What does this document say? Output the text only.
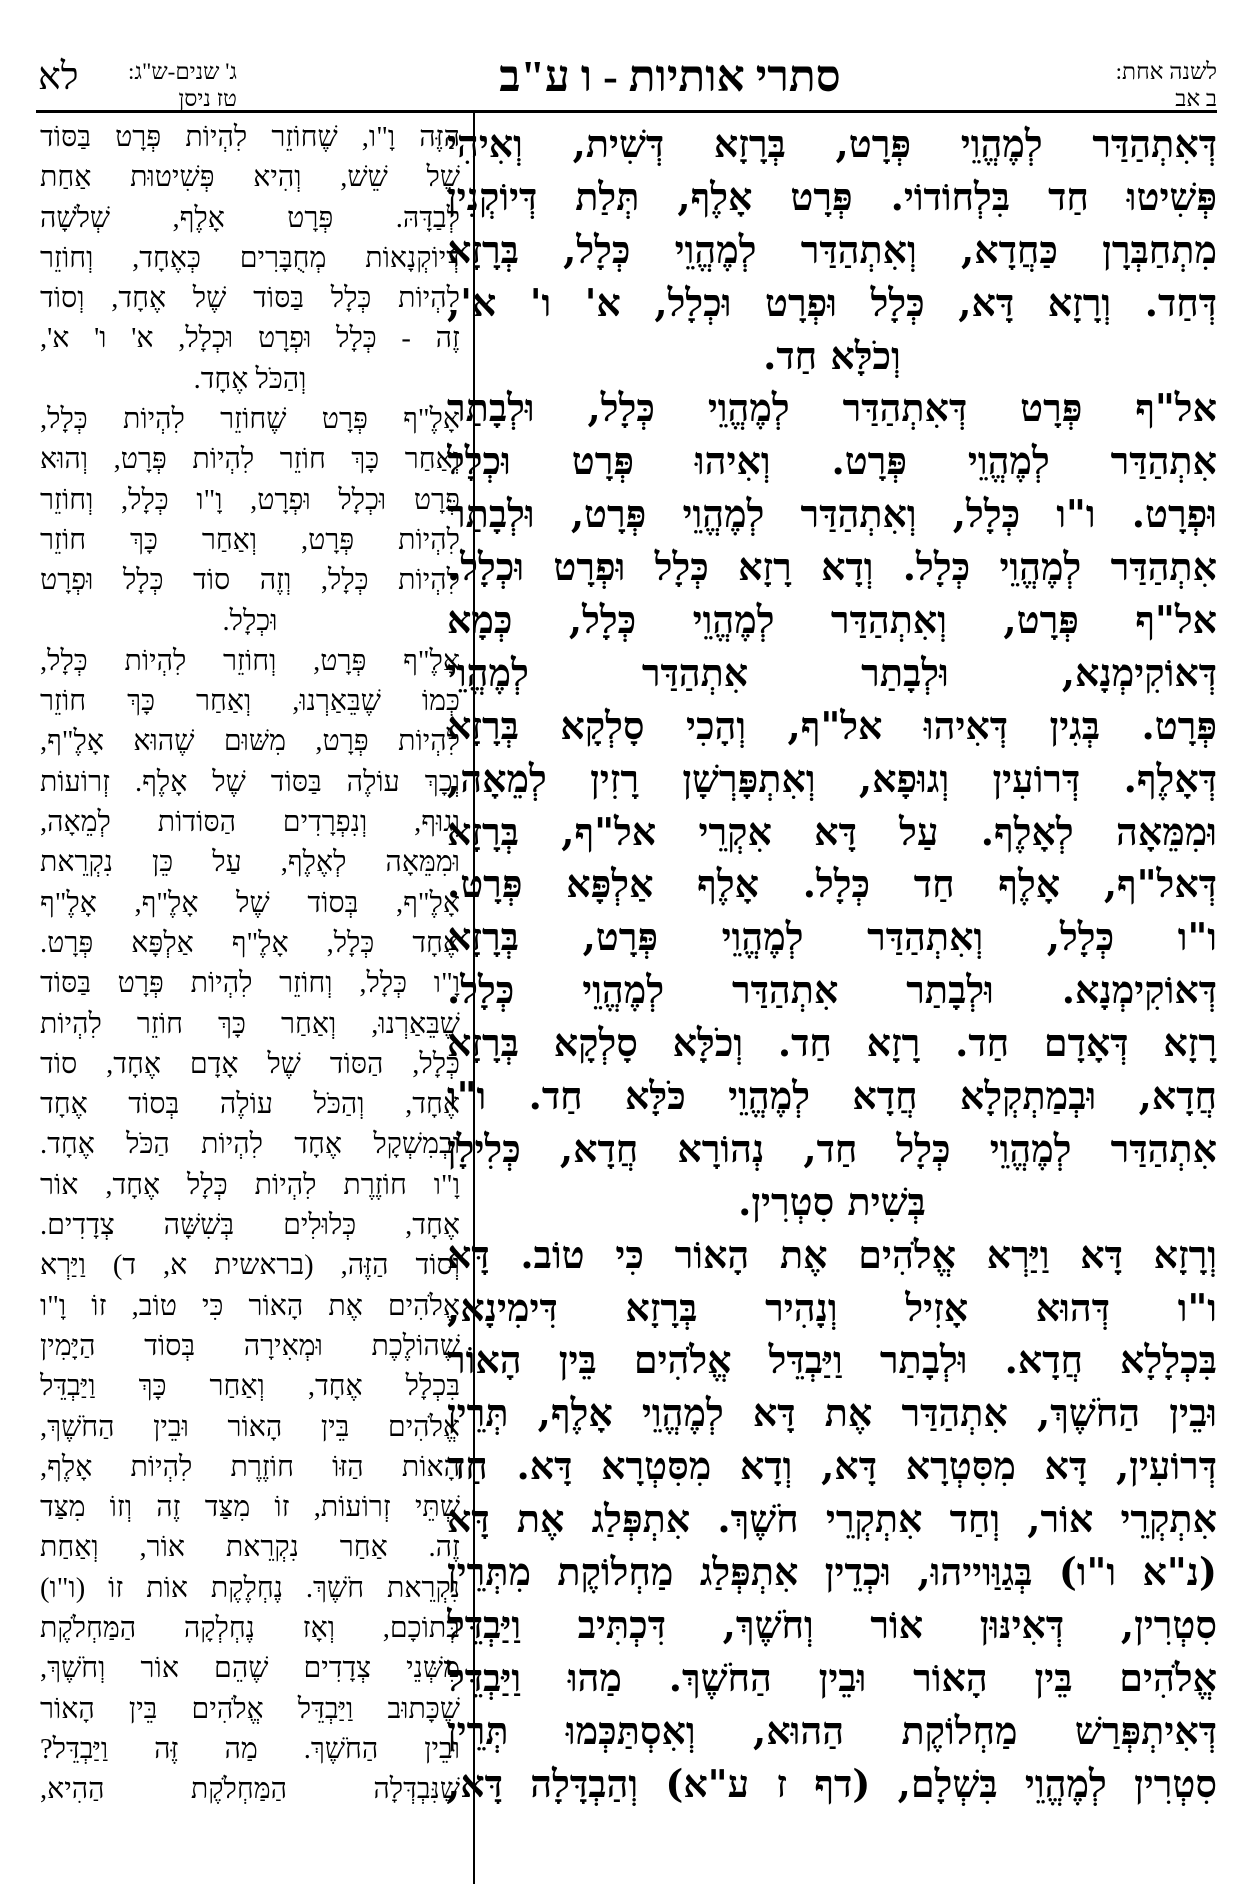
לשנה אחת:
ב אב
סתרי אותיות - ו ע"ב
ג' שנים-ש"ג:
טז ניסן
לא
דְּאִתְהַדַּר לְמֶהֱוֵי פְּרָט, בְּרָזָא דְּשִׁית, וְאִיהִי
פְּשִׁיטוּ חַד בִּלְחוֹדוֹי. פְּרָט אָלֶף, תְּלַת דְּיוֹקְנִין
מִתְחַבְּרָן כַּחֲדָא, וְאִתְהַדַּר לְמֶהֱוֵי כְּלָל, בְּרָזָא
דְּחַד. וְרָזָא דָּא, כְּלָל וּפְרָט וּכְלָל, א' ו' א',
וְכֹלָּא חַד.
אל"ף פְּרָט דְּאִתְהַדַּר לְמֶהֱוֵי כְּלָל, וּלְבָתַר
אִתְהַדַּר לְמֶהֱוֵי פְּרָט. וְאִיהוּ פְּרָט וּכְלָל
וּפְרָט. ו"ו כְּלָל, וְאִתְהַדַּר לְמֶהֱוֵי פְּרָט, וּלְבָתַר
אִתְהַדַּר לְמֶהֱוֵי כְּלָל. וְדָא רָזָא כְּלָל וּפְרָט וּכְלָל.
אל"ף פְּרָט, וְאִתְהַדַּר לְמֶהֱוֵי כְּלָל, כְּמָא
דְּאוֹקִימְנָא, וּלְבָתַר אִתְהַדַּר לְמֶהֱוֵי
פְּרָט. בְּגִין דְּאִיהוּ אל"ף, וְהָכִי סָלְקָא בְּרָזָא
דְּאָלֶף. דְּרוֹעִין וְגוּפָא, וְאִתְפָּרְשָׁן רָזִין לְמֵאָה,
וּמִמֵּאָה לְאָלֶף. עַל דָּא אִקְרֵי אל"ף, בְּרָזָא
דְּאל"ף, אָלֶף חַד כְּלָל. אָלֶף אַלְפָּא פְּרָט.
ו"ו כְּלָל, וְאִתְהַדַּר לְמֶהֱוֵי פְּרָט, בְּרָזָא
דְּאוֹקִימְנָא. וּלְבָתַר אִתְהַדַּר לְמֶהֱוֵי כְּלָל.
רָזָא דְּאָדָם חַד. רָזָא חַד. וְכֹלָּא סָלְקָא בְּרָזָא
חֲדָא, וּבְמַתְקְלָא חֲדָא לְמֶהֱוֵי כֹּלָּא חַד. ו"ו
אִתְהַדַּר לְמֶהֱוֵי כְּלָל חַד, נְהוֹרָא חֲדָא, כְּלִילָן
בְּשִׁית סִטְרִין.
וְרָזָא דָּא וַיַּרְא אֱלֹהִים אֶת הָאוֹר כִּי טוֹב. דָּא
ו"ו דְּהוּא אָזִיל וְנָהִיר בְּרָזָא דִּימִינָא,
בִּכְלָלָא חֲדָא. וּלְבָתַר וַיַּבְדֵּל אֱלֹהִים בֵּין הָאוֹר
וּבֵין הַחֹשֶׁךְ, אִתְהַדַּר אֶת דָּא לְמֶהֱוֵי אָלֶף, תְּרֵין
דְּרוֹעִין, דָּא מִסִּטְרָא דָּא, וְדָא מִסִּטְרָא דָּא. חַד
אִתְקְרֵי אוֹר, וְחַד אִתְקְרֵי חֹשֶׁךְ. אִתְפְּלַג אֶת דָּא
(נ"א ו"ו) בְּגַוַּוייהוּ, וּכְדֵין אִתְפְּלַג מַחְלוֹקֶת מִתְּרֵין
סִטְרִין, דְּאִינּוּן אוֹר וְחֹשֶׁךְ, דִּכְתִּיב וַיַּבְדֵּל
אֱלֹהִים בֵּין הָאוֹר וּבֵין הַחֹשֶׁךְ. מַהוּ וַיַּבְדֵּל
דְּאִיתְפְּרַשׁ מַחְלוֹקֶת הַהוּא, וְאִסְתַּכְּמוּ תְּרֵין
סִטְרִין לְמֶהֱוֵי בִּשְׁלָם, (דף ז ע"א) וְהַבְדָּלָה דָּא,
הַזֶּה וָ"ו, שֶׁחוֹזֵר לִהְיוֹת פְּרָט בַּסּוֹד
שֶׁל שֵׁשׁ, וְהִיא פְּשִׁיטוּת אַחַת
לְבַדָּהּ. פְּרָט אָלֶף, שְׁלֹשָׁה
דְּיוֹקְנָאוֹת מְחֻבָּרִים כְּאֶחָד, וְחוֹזֵר
לִהְיוֹת כְּלָל בַּסּוֹד שֶׁל אֶחָד, וְסוֹד
זֶה - כְּלָל וּפְרָט וּכְלָל, א' ו' א',
וְהַכֹּל אֶחָד.
אָלֶ"ף פְּרָט שֶׁחוֹזֵר לִהְיוֹת כְּלָל,
וְאַחַר כָּךְ חוֹזֵר לִהְיוֹת פְּרָט, וְהוּא
פְּרָט וּכְלָל וּפְרָט, וָ"ו כְּלָל, וְחוֹזֵר
לִהְיוֹת פְּרָט, וְאַחַר כָּךְ חוֹזֵר
לִהְיוֹת כְּלָל, וְזֶה סוֹד כְּלָל וּפְרָט
וּכְלָל.
אָלֶ"ף פְּרָט, וְחוֹזֵר לִהְיוֹת כְּלָל,
כְּמוֹ שֶׁבֵּאַרְנוּ, וְאַחַר כָּךְ חוֹזֵר
לִהְיוֹת פְּרָט, מִשּׁוּם שֶׁהוּא אָלֶ"ף,
וְכָךְ עוֹלֶה בַּסּוֹד שֶׁל אָלֶף. זְרוֹעוֹת
וְגוּף, וְנִפְרָדִים הַסּוֹדוֹת לְמֵאָה,
וּמִמֵּאָה לְאֶלֶף, עַל כֵּן נִקְרֵאת
אָלֶ"ף, בְּסוֹד שֶׁל אָלֶ"ף, אָלֶ"ף
אֶחָד כְּלָל, אָלֶ"ף אַלְפָּא פְּרָט.
וָ"ו כְּלָל, וְחוֹזֵר לִהְיוֹת פְּרָט בַּסּוֹד
שֶׁבֵּאַרְנוּ, וְאַחַר כָּךְ חוֹזֵר לִהְיוֹת
כְּלָל, הַסּוֹד שֶׁל אָדָם אֶחָד, סוֹד
אֶחָד, וְהַכֹּל עוֹלֶה בְּסוֹד אֶחָד
וּבְמִשְׁקָל אֶחָד לִהְיוֹת הַכֹּל אֶחָד.
וָ"ו חוֹזֶרֶת לִהְיוֹת כְּלָל אֶחָד, אוֹר
אֶחָד, כְּלוּלִים בְּשִׁשָּׁה צְדָדִים.
וְסוֹד הַזֶּה, (בראשית א, ד) וַיַּרְא
אֱלֹהִים אֶת הָאוֹר כִּי טוֹב, זוֹ וָ"ו
שֶׁהוֹלֶכֶת וּמְאִירָה בְּסוֹד הַיָּמִין
בִּכְלָל אֶחָד, וְאַחַר כָּךְ וַיַּבְדֵּל
אֱלֹהִים בֵּין הָאוֹר וּבֵין הַחֹשֶׁךְ,
הָאוֹת הַזּוֹ חוֹזֶרֶת לִהְיוֹת אָלֶף,
שְׁתֵּי זְרוֹעוֹת, זוֹ מִצַּד זֶה וְזוֹ מִצַּד
זֶה. אַחַר נִקְרֵאת אוֹר, וְאַחַת
נִקְרֵאת חֹשֶׁךְ. נֶחְלֶקֶת אוֹת זוֹ (ו"ו)
בְּתוֹכָם, וְאָז נֶחְלְקָה הַמַּחְלֹקֶת
מִשְּׁנֵי צְדָדִים שֶׁהֵם אוֹר וְחֹשֶׁךְ,
שֶׁכָּתוּב וַיַּבְדֵּל אֱלֹהִים בֵּין הָאוֹר
וּבֵין הַחֹשֶׁךְ. מַה זֶּה וַיַּבְדֵּל?
שֶׁנִּבְדְּלָה הַמַּחְלֹקֶת הַהִיא,
